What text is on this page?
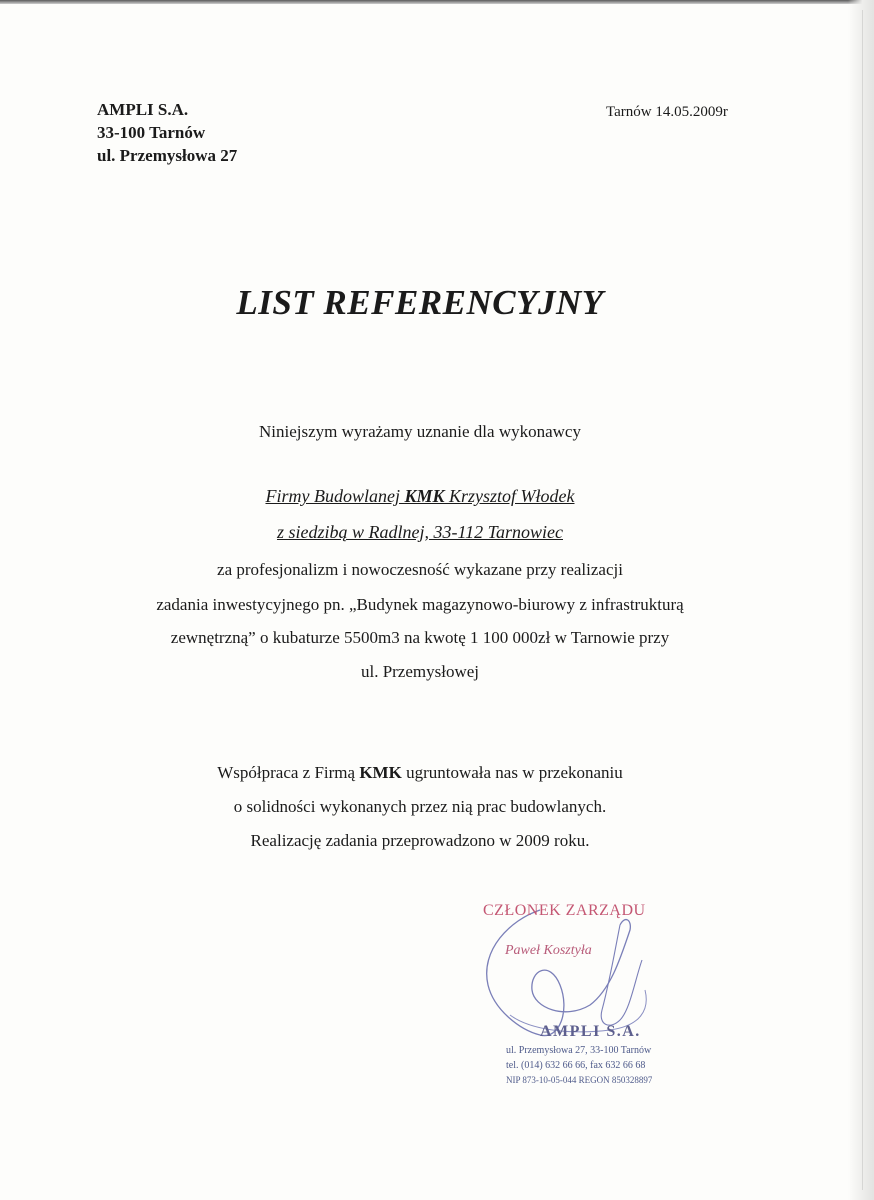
AMPLI S.A.
33-100 Tarnów
ul. Przemysłowa 27
Tarnów 14.05.2009r
LIST REFERENCYJNY
Niniejszym wyrażamy uznanie dla wykonawcy
Firmy Budowlanej KMK Krzysztof Włodek
z siedzibą w Radlnej, 33-112 Tarnowiec
za profesjonalizm i nowoczesność wykazane przy realizacji
zadania inwestycyjnego pn. „Budynek magazynowo-biurowy z infrastrukturą
zewnętrzną” o kubaturze 5500m3 na kwotę 1 100 000zł w Tarnowie przy
ul. Przemysłowej
Współpraca z Firmą KMK ugruntowała nas w przekonaniu
o solidności wykonanych przez nią prac budowlanych.
Realizację zadania przeprowadzono w 2009 roku.
CZŁONEK ZARZĄDU
Paweł Kosztyła
AMPLI S.A.
ul. Przemysłowa 27, 33-100 Tarnów
tel. (014) 632 66 66, fax 632 66 68
NIP 873-10-05-044 REGON 850328897
